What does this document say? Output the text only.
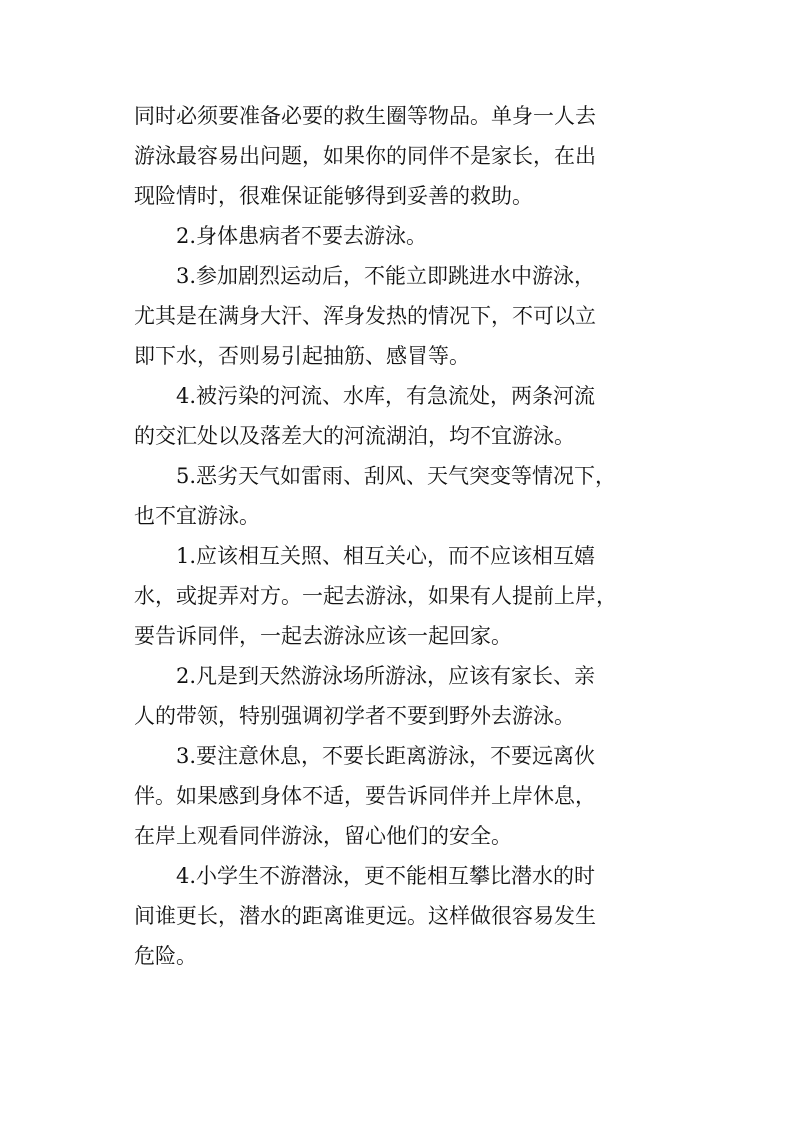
同时必须要准备必要的救生圈等物品。单身一人去
游泳最容易出问题，如果你的同伴不是家长，在出
现险情时，很难保证能够得到妥善的救助。
2.身体患病者不要去游泳。
3.参加剧烈运动后，不能立即跳进水中游泳，
尤其是在满身大汗、浑身发热的情况下，不可以立
即下水，否则易引起抽筋、感冒等。
4.被污染的河流、水库，有急流处，两条河流
的交汇处以及落差大的河流湖泊，均不宜游泳。
5.恶劣天气如雷雨、刮风、天气突变等情况下，
也不宜游泳。
1.应该相互关照、相互关心，而不应该相互嬉
水，或捉弄对方。一起去游泳，如果有人提前上岸，
要告诉同伴，一起去游泳应该一起回家。
2.凡是到天然游泳场所游泳，应该有家长、亲
人的带领，特别强调初学者不要到野外去游泳。
3.要注意休息，不要长距离游泳，不要远离伙
伴。如果感到身体不适，要告诉同伴并上岸休息，
在岸上观看同伴游泳，留心他们的安全。
4.小学生不游潜泳，更不能相互攀比潜水的时
间谁更长，潜水的距离谁更远。这样做很容易发生
危险。
